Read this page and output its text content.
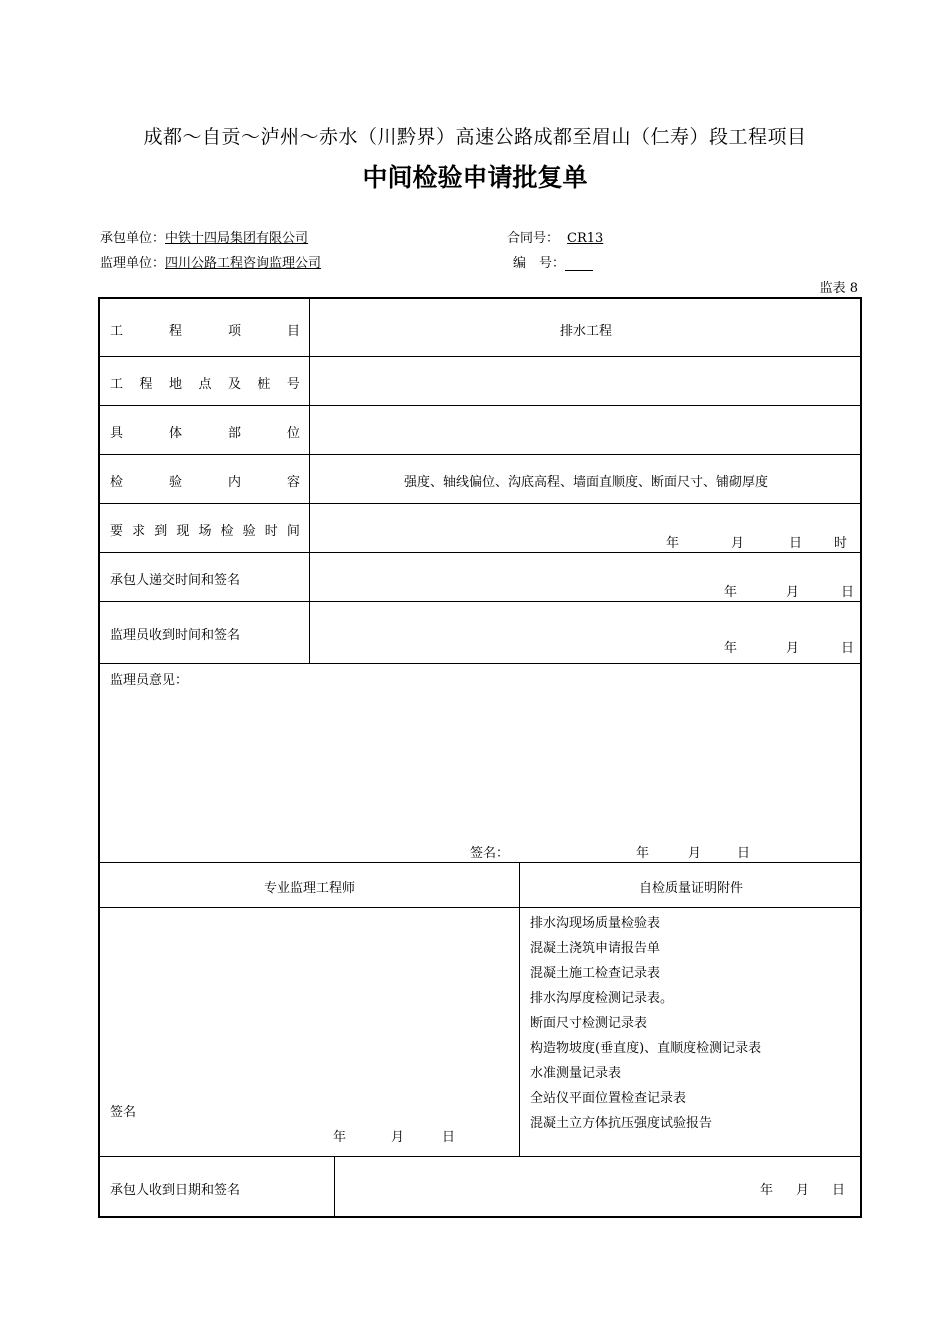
成都～自贡～泸州～赤水（川黔界）高速公路成都至眉山（仁寿）段工程项目
中间检验申请批复单
承包单位：中铁十四局集团有限公司	合同号： CR13
监理单位：四川公路工程咨询监理公司	编　号：
监表 8
工	程	项	目	排水工程
工 程 地 点 及 桩 号
具	体	部	位
检	验	内	容	强度、轴线偏位、沟底高程、墙面直顺度、断面尺寸、铺砌厚度
要 求 到 现 场 检 验 时 间
年	月	日	时
承包人递交时间和签名
年	月	日
监理员收到时间和签名
年	月	日
监理员意见：
签名：	年	月	日
专业监理工程师	自检质量证明附件
签名
年	月	日
排水沟现场质量检验表
混凝土浇筑申请报告单
混凝土施工检查记录表
排水沟厚度检测记录表。
断面尺寸检测记录表
构造物坡度(垂直度)、直顺度检测记录表
水准测量记录表
全站仪平面位置检查记录表
混凝土立方体抗压强度试验报告
承包人收到日期和签名	年	月	日
